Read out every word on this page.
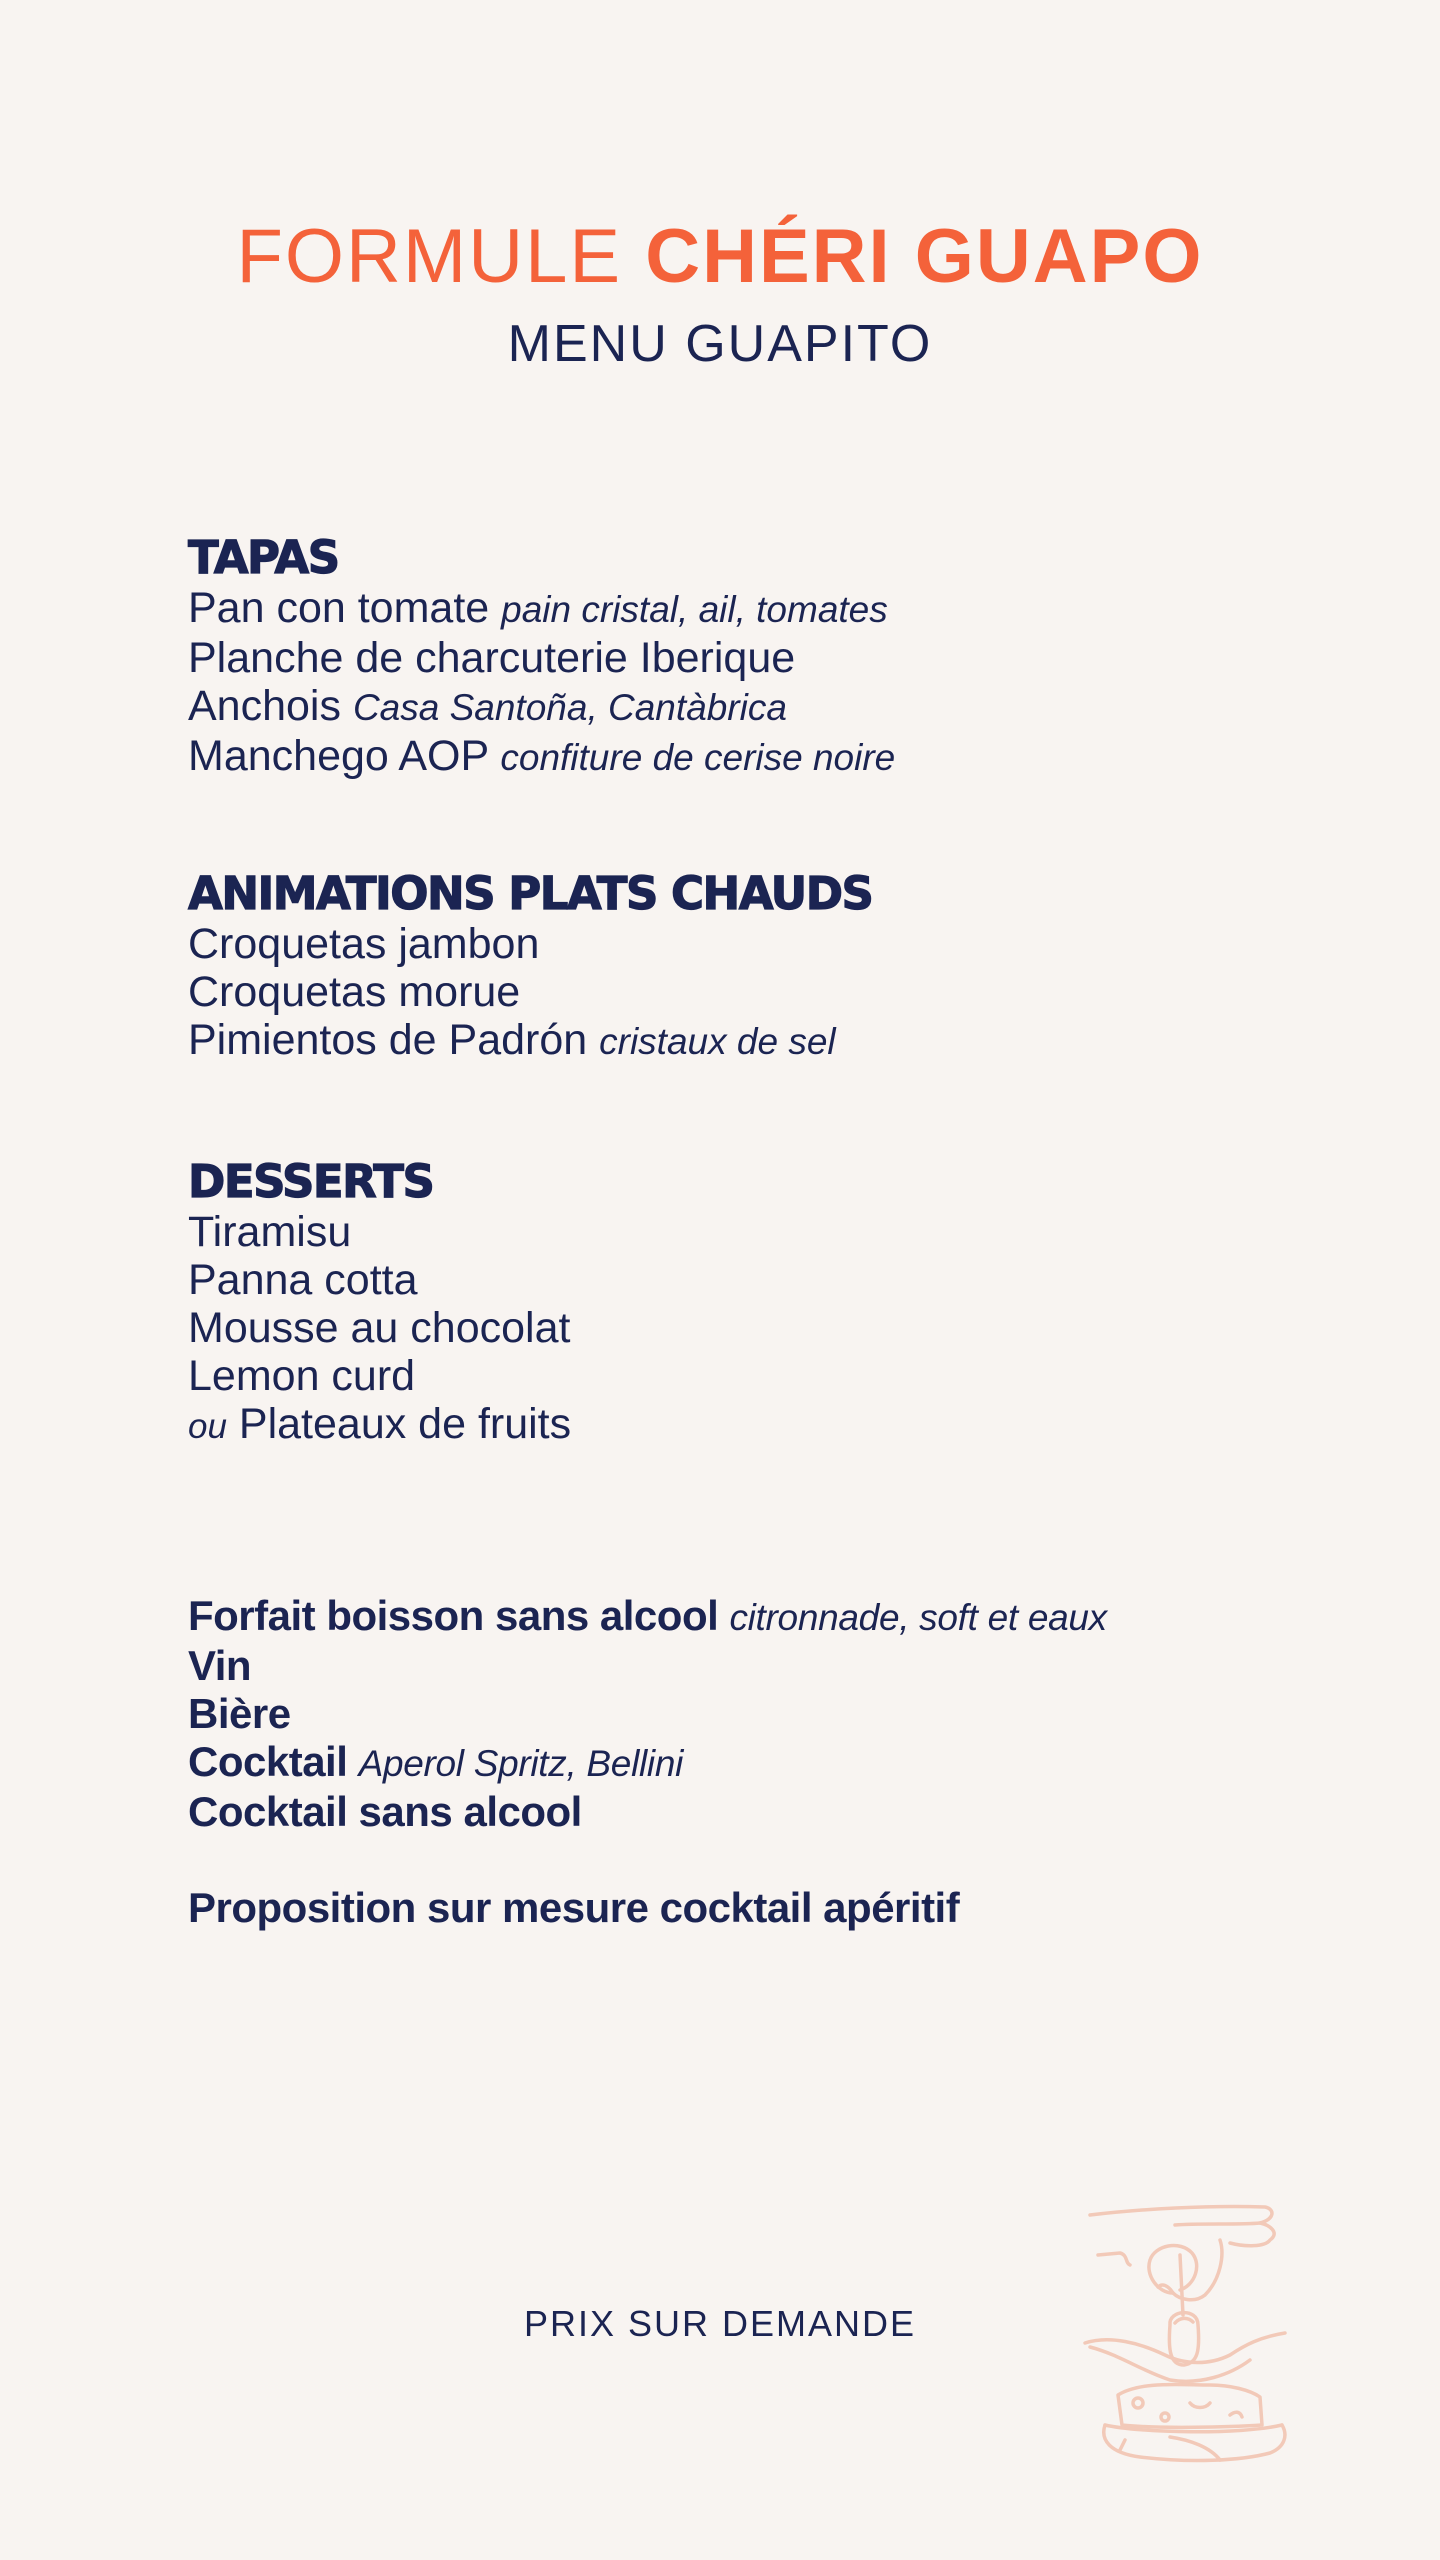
FORMULE CHÉRI GUAPO
MENU GUAPITO
TAPAS
Pan con tomate pain cristal, ail, tomates
Planche de charcuterie Iberique
Anchois Casa Santoña, Cantàbrica
Manchego AOP confiture de cerise noire
ANIMATIONS PLATS CHAUDS
Croquetas jambon
Croquetas morue
Pimientos de Padrón cristaux de sel
DESSERTS
Tiramisu
Panna cotta
Mousse au chocolat
Lemon curd
ou Plateaux de fruits
Forfait boisson sans alcool citronnade, soft et eaux
Vin
Bière
Cocktail Aperol Spritz, Bellini
Cocktail sans alcool
Proposition sur mesure cocktail apéritif
PRIX SUR DEMANDE
